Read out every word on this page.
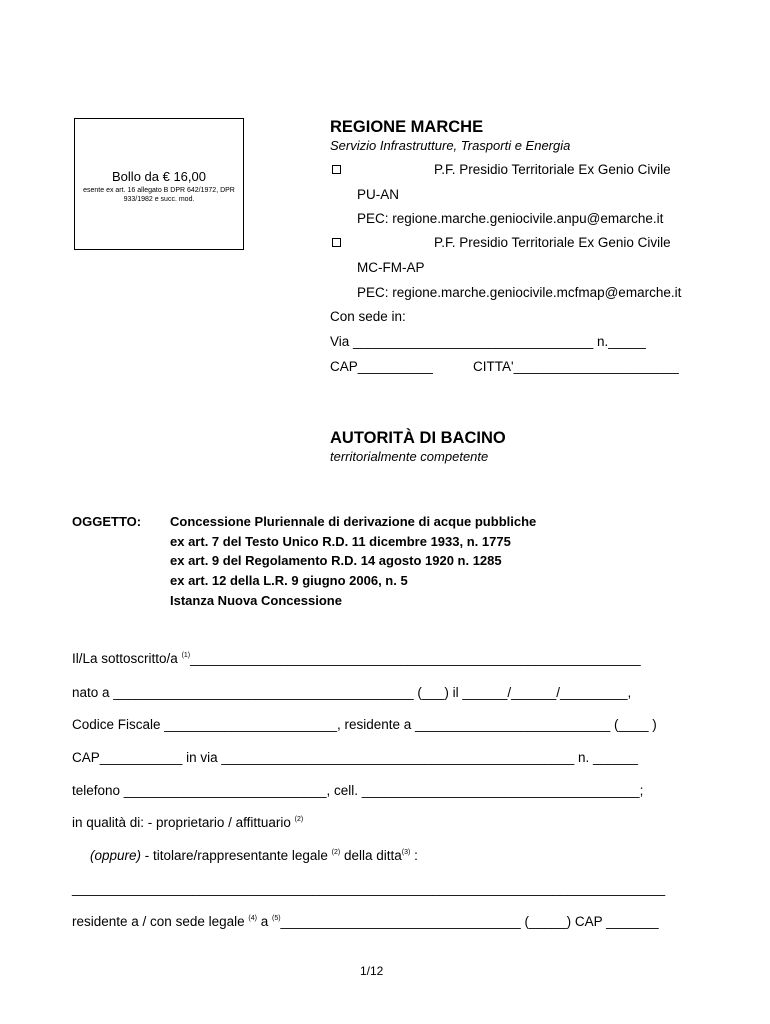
Bollo da € 16,00
esente ex art. 16 allegato B DPR 642/1972, DPR 933/1982 e succ. mod.
REGIONE MARCHE
Servizio Infrastrutture, Trasporti e Energia
P.F. Presidio Territoriale Ex Genio Civile
PU-AN
PEC: regione.marche.geniocivile.anpu@emarche.it
P.F. Presidio Territoriale Ex Genio Civile
MC-FM-AP
PEC: regione.marche.geniocivile.mcfmap@emarche.it
Con sede in:
Via ________________________________ n._____
CAP__________	CITTA'______________________
AUTORITÀ DI BACINO
territorialmente competente
OGGETTO: Concessione Pluriennale di derivazione di acque pubbliche
ex art. 7 del Testo Unico R.D. 11 dicembre 1933, n. 1775
ex art. 9 del Regolamento R.D. 14 agosto 1920 n. 1285
ex art. 12 della L.R. 9 giugno 2006, n. 5
Istanza Nuova Concessione
Il/La sottoscritto/a $^{(1)}$____________________________________________________________
nato a ________________________________________ (___) il ______/______/_________,
Codice Fiscale _______________________, residente a __________________________ (____ )
CAP___________ in via _______________________________________________ n. ______
telefono ___________________________, cell. _____________________________________;
in qualità di: - proprietario / affittuario $^{(2)}$
(oppure) - titolare/rappresentante legale $^{(2)}$ della ditta$^{(3)}$ :
_______________________________________________________________________________
residente a / con sede legale $^{(4)}$ a $^{(5)}$________________________________ (_____) CAP _______
1/12
